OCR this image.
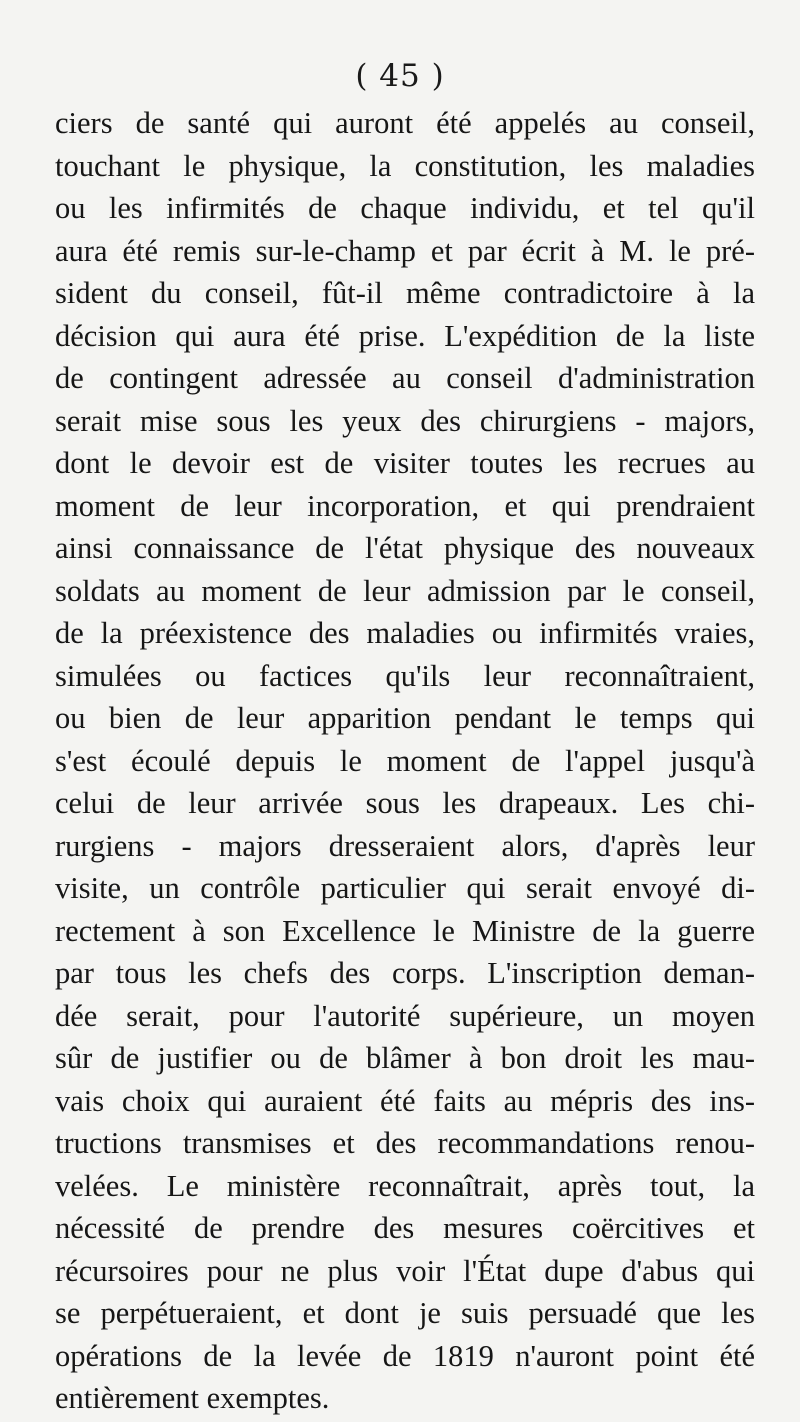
( 45 )
ciers de santé qui auront été appelés au conseil,
touchant le physique, la constitution, les maladies
ou les infirmités de chaque individu, et tel qu'il
aura été remis sur-le-champ et par écrit à M. le pré-
sident du conseil, fût-il même contradictoire à la
décision qui aura été prise. L'expédition de la liste
de contingent adressée au conseil d'administration
serait mise sous les yeux des chirurgiens - majors,
dont le devoir est de visiter toutes les recrues au
moment de leur incorporation, et qui prendraient
ainsi connaissance de l'état physique des nouveaux
soldats au moment de leur admission par le conseil,
de la préexistence des maladies ou infirmités vraies,
simulées ou factices qu'ils leur reconnaîtraient,
ou bien de leur apparition pendant le temps qui
s'est écoulé depuis le moment de l'appel jusqu'à
celui de leur arrivée sous les drapeaux. Les chi-
rurgiens - majors dresseraient alors, d'après leur
visite, un contrôle particulier qui serait envoyé di-
rectement à son Excellence le Ministre de la guerre
par tous les chefs des corps. L'inscription deman-
dée serait, pour l'autorité supérieure, un moyen
sûr de justifier ou de blâmer à bon droit les mau-
vais choix qui auraient été faits au mépris des ins-
tructions transmises et des recommandations renou-
velées. Le ministère reconnaîtrait, après tout, la
nécessité de prendre des mesures coërcitives et
récursoires pour ne plus voir l'État dupe d'abus qui
se perpétueraient, et dont je suis persuadé que les
opérations de la levée de 1819 n'auront point été
entièrement exemptes.
